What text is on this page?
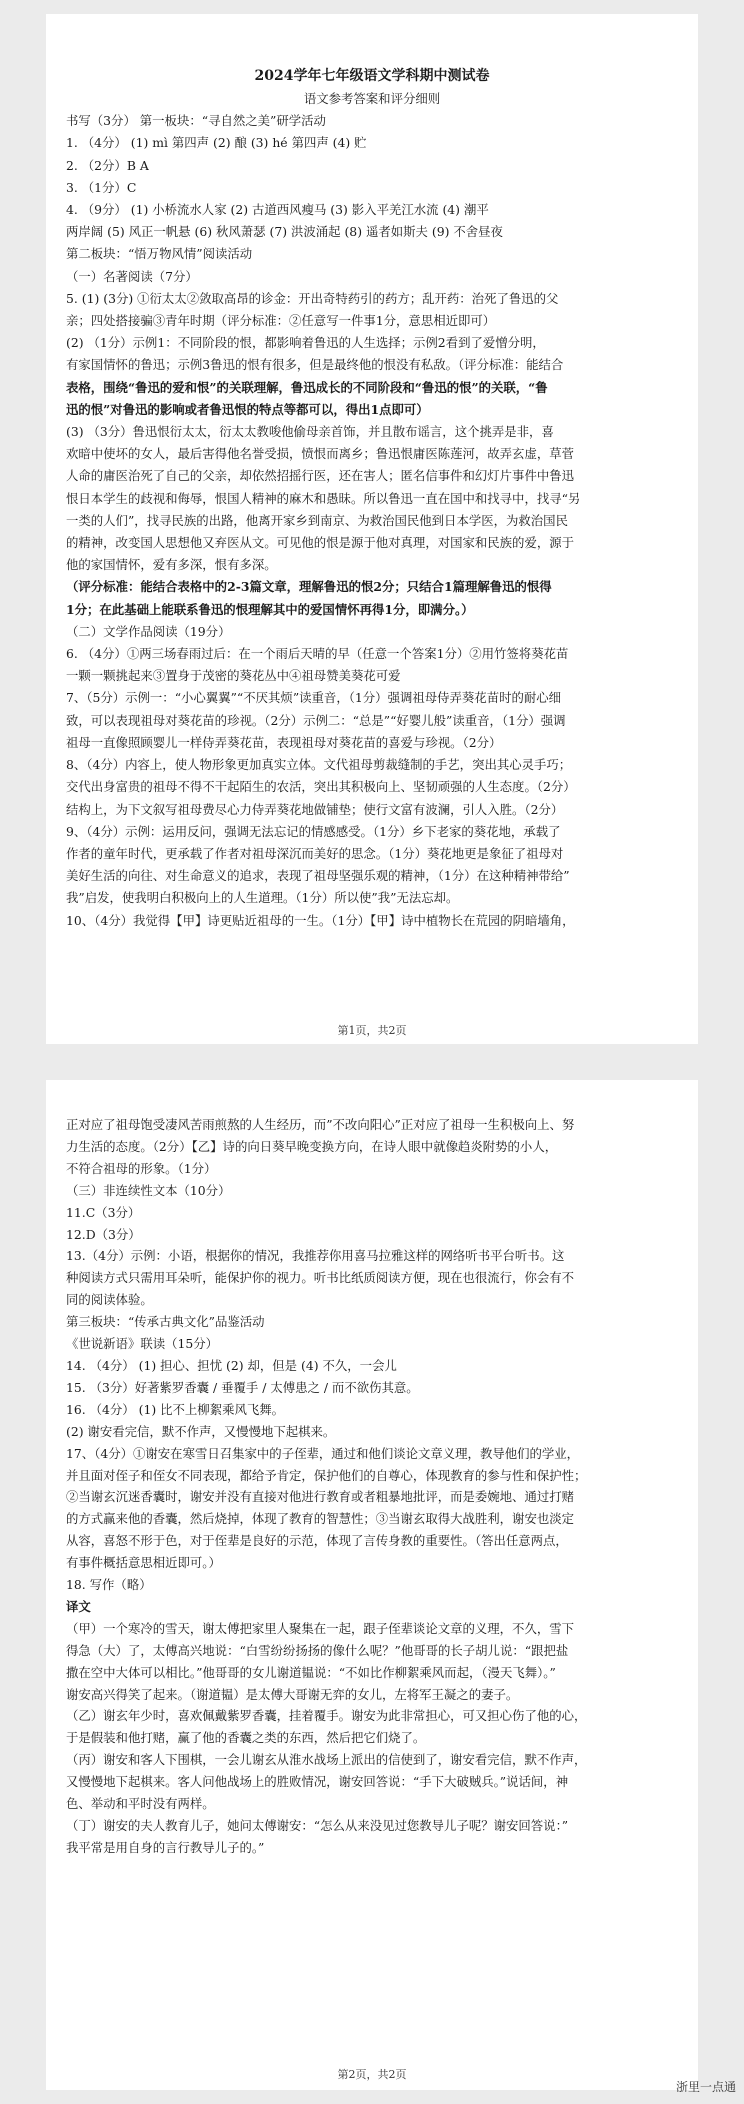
2024学年七年级语文学科期中测试卷
语文参考答案和评分细则
书写（3分） 第一板块：“寻自然之美”研学活动
1. （4分） (1) mì 第四声 (2) 酿 (3) hé 第四声 (4) 贮
2. （2分）B A
3. （1分）C
4. （9分） (1) 小桥流水人家 (2) 古道西风瘦马 (3) 影入平羌江水流 (4) 潮平
两岸阔 (5) 风正一帆悬 (6) 秋风萧瑟 (7) 洪波涌起 (8) 遥者如斯夫 (9) 不舍昼夜
第二板块：“悟万物风情”阅读活动
（一）名著阅读（7分）
5. (1) (3分) ①衍太太②敛取高昂的诊金：开出奇特药引的药方；乱开药：治死了鲁迅的父
亲；四处搭接骗③青年时期（评分标准：②任意写一件事1分，意思相近即可）
(2) （1分）示例1：不同阶段的恨，都影响着鲁迅的人生选择；示例2看到了爱憎分明，
有家国情怀的鲁迅；示例3鲁迅的恨有很多，但是最终他的恨没有私敌。（评分标准：能结合
表格，围绕“鲁迅的爱和恨”的关联理解，鲁迅成长的不同阶段和“鲁迅的恨”的关联，“鲁
迅的恨”对鲁迅的影响或者鲁迅恨的特点等都可以，得出1点即可）
(3) （3分）鲁迅恨衍太太，衍太太教唆他偷母亲首饰，并且散布谣言，这个挑弄是非，喜
欢暗中使坏的女人，最后害得他名誉受损，愤恨而离乡；鲁迅恨庸医陈莲河，故弄玄虚，草菅
人命的庸医治死了自己的父亲，却依然招摇行医，还在害人；匿名信事件和幻灯片事件中鲁迅
恨日本学生的歧视和侮辱，恨国人精神的麻木和愚昧。所以鲁迅一直在国中和找寻中，找寻“另
一类的人们”，找寻民族的出路，他离开家乡到南京、为救治国民他到日本学医，为救治国民
的精神，改变国人思想他又弃医从文。可见他的恨是源于他对真理，对国家和民族的爱，源于
他的家国情怀，爱有多深，恨有多深。
（评分标准：能结合表格中的2-3篇文章，理解鲁迅的恨2分；只结合1篇理解鲁迅的恨得
1分；在此基础上能联系鲁迅的恨理解其中的爱国情怀再得1分，即满分。）
（二）文学作品阅读（19分）
6. （4分）①两三场春雨过后：在一个雨后天晴的早（任意一个答案1分）②用竹签将葵花苗
一颗一颗挑起来③置身于茂密的葵花丛中④祖母赞美葵花可爱
7、（5分）示例一：“小心翼翼”“不厌其烦”读重音，（1分）强调祖母侍弄葵花苗时的耐心细
致，可以表现祖母对葵花苗的珍视。（2分）示例二：“总是”“好婴儿般”读重音，（1分）强调
祖母一直像照顾婴儿一样侍弄葵花苗，表现祖母对葵花苗的喜爱与珍视。（2分）
8、（4分）内容上，使人物形象更加真实立体。文代祖母剪裁缝制的手艺，突出其心灵手巧；
交代出身富贵的祖母不得不干起陌生的农活，突出其积极向上、坚韧顽强的人生态度。（2分）
结构上，为下文叙写祖母费尽心力侍弄葵花地做铺垫；使行文富有波澜，引人入胜。（2分）
9、（4分）示例：运用反问，强调无法忘记的情感感受。（1分）乡下老家的葵花地，承载了
作者的童年时代，更承载了作者对祖母深沉而美好的思念。（1分）葵花地更是象征了祖母对
美好生活的向往、对生命意义的追求，表现了祖母坚强乐观的精神，（1分）在这种精神带给”
我”启发，使我明白积极向上的人生道理。（1分）所以使”我”无法忘却。
10、（4分）我觉得【甲】诗更贴近祖母的一生。（1分）【甲】诗中植物长在荒园的阴暗墙角，
第1页，共2页
正对应了祖母饱受凄风苦雨煎熬的人生经历，而”不改向阳心”正对应了祖母一生积极向上、努
力生活的态度。（2分）【乙】诗的向日葵早晚变换方向，在诗人眼中就像趋炎附势的小人，
不符合祖母的形象。（1分）
（三）非连续性文本（10分）
11.C（3分）
12.D（3分）
13.（4分）示例：小语，根据你的情况，我推荐你用喜马拉雅这样的网络听书平台听书。这
种阅读方式只需用耳朵听，能保护你的视力。听书比纸质阅读方便，现在也很流行，你会有不
同的阅读体验。
第三板块：“传承古典文化”品鉴活动
《世说新语》联读（15分）
14. （4分） (1) 担心、担忧 (2) 却，但是 (4) 不久，一会儿
15. （3分）好著紫罗香囊 / 垂覆手 / 太傅患之 / 而不欲伤其意。
16. （4分） (1) 比不上柳絮乘风飞舞。
(2) 谢安看完信，默不作声，又慢慢地下起棋来。
17、（4分）①谢安在寒雪日召集家中的子侄辈，通过和他们谈论文章义理，教导他们的学业，
并且面对侄子和侄女不同表现，都给予肯定，保护他们的自尊心，体现教育的参与性和保护性；
②当谢玄沉迷香囊时，谢安并没有直接对他进行教育或者粗暴地批评，而是委婉地、通过打赌
的方式赢来他的香囊，然后烧掉，体现了教育的智慧性；③当谢玄取得大战胜利，谢安也淡定
从容，喜怒不形于色，对于侄辈是良好的示范，体现了言传身教的重要性。（答出任意两点，
有事件概括意思相近即可。）
18. 写作（略）
译文
（甲）一个寒冷的雪天，谢太傅把家里人聚集在一起，跟子侄辈谈论文章的义理，不久，雪下
得急（大）了，太傅高兴地说：“白雪纷纷扬扬的像什么呢？”他哥哥的长子胡儿说：“跟把盐
撒在空中大体可以相比。”他哥哥的女儿谢道韫说：“不如比作柳絮乘风而起，（漫天飞舞）。”
谢安高兴得笑了起来。（谢道韫）是太傅大哥谢无弈的女儿，左将军王凝之的妻子。
（乙）谢玄年少时，喜欢佩戴紫罗香囊，挂着覆手。谢安为此非常担心，可又担心伤了他的心，
于是假装和他打赌，赢了他的香囊之类的东西，然后把它们烧了。
（丙）谢安和客人下围棋，一会儿谢玄从淮水战场上派出的信使到了，谢安看完信，默不作声，
又慢慢地下起棋来。客人问他战场上的胜败情况，谢安回答说：“手下大破贼兵。”说话间，神
色、举动和平时没有两样。
（丁）谢安的夫人教育儿子，她问太傅谢安：“怎么从来没见过您教导儿子呢？谢安回答说：”
我平常是用自身的言行教导儿子的。”
第2页，共2页
浙里一点通
